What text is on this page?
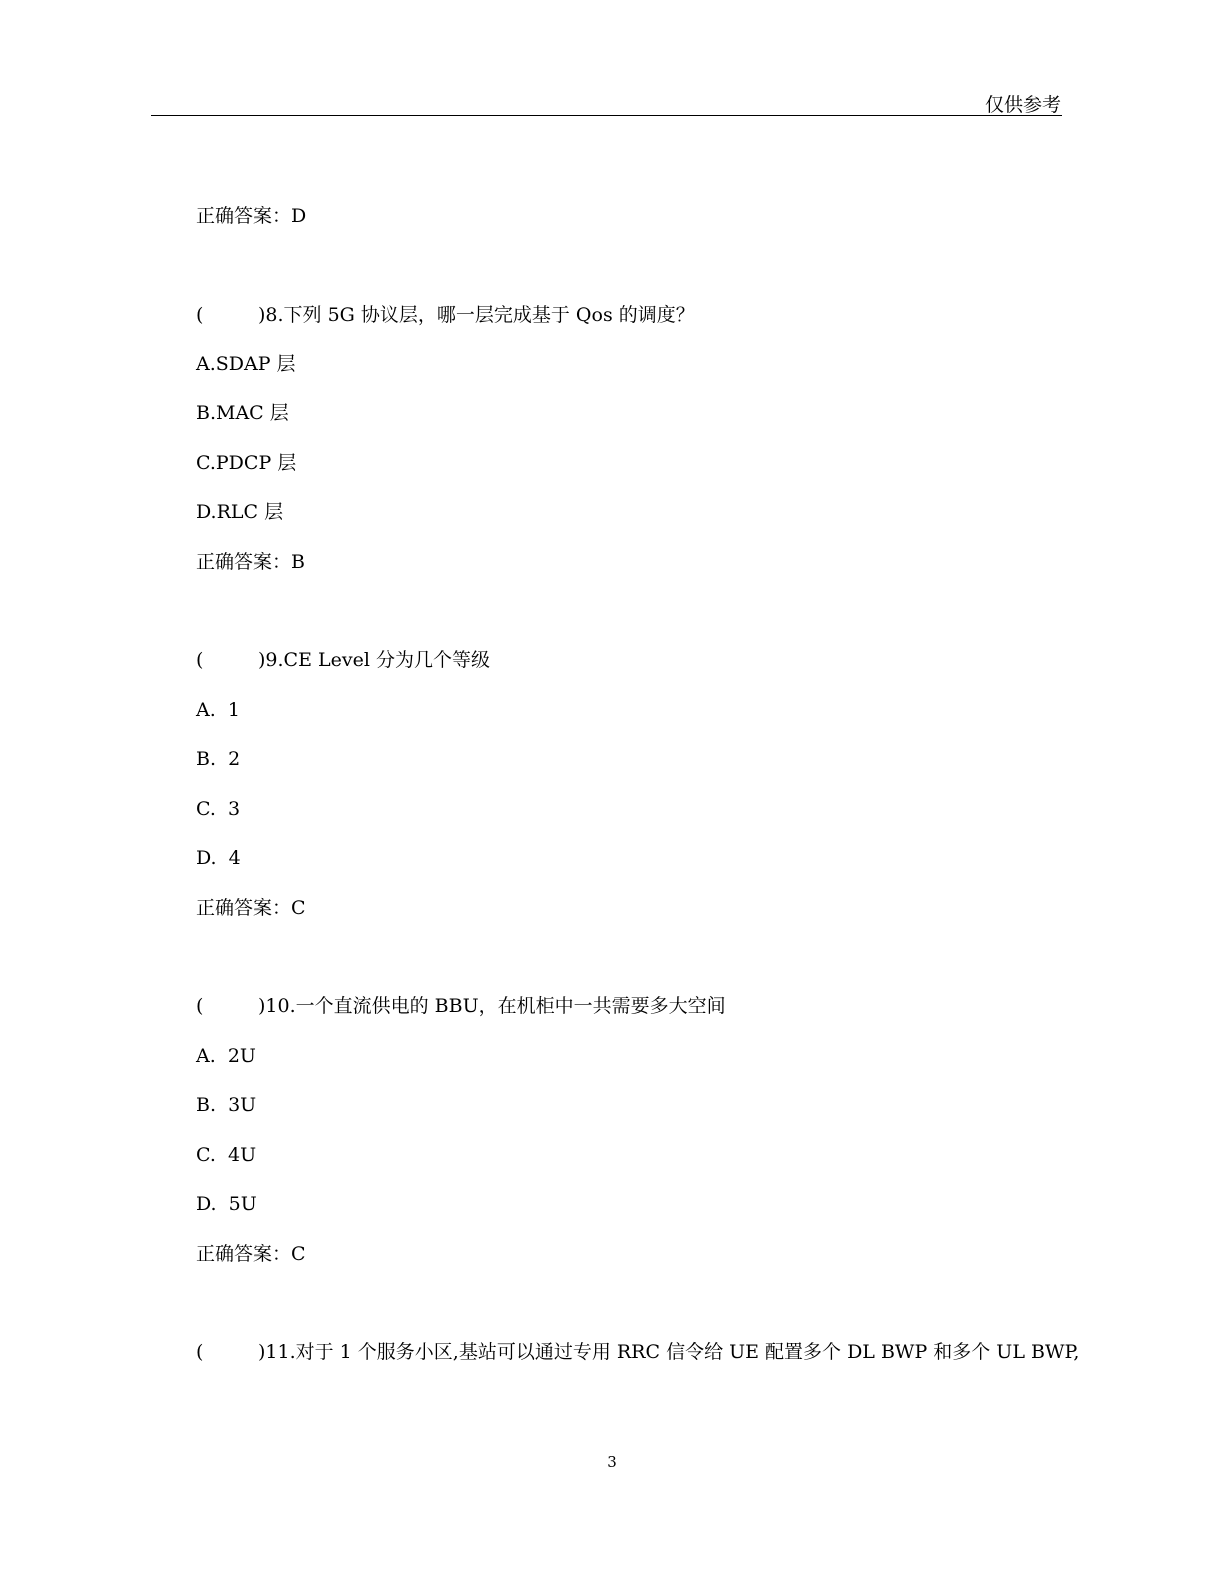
仅供参考
正确答案：D
(	)8.下列 5G 协议层，哪一层完成基于 Qos 的调度？
A.SDAP 层
B.MAC 层
C.PDCP 层
D.RLC 层
正确答案：B
(	)9.CE Level 分为几个等级
A.  1
B.  2
C.  3
D.  4
正确答案：C
(	)10.一个直流供电的 BBU，在机柜中一共需要多大空间
A.  2U
B.  3U
C.  4U
D.  5U
正确答案：C
(	)11.对于 1 个服务小区,基站可以通过专用 RRC 信令给 UE 配置多个 DL BWP 和多个 UL BWP,
3
